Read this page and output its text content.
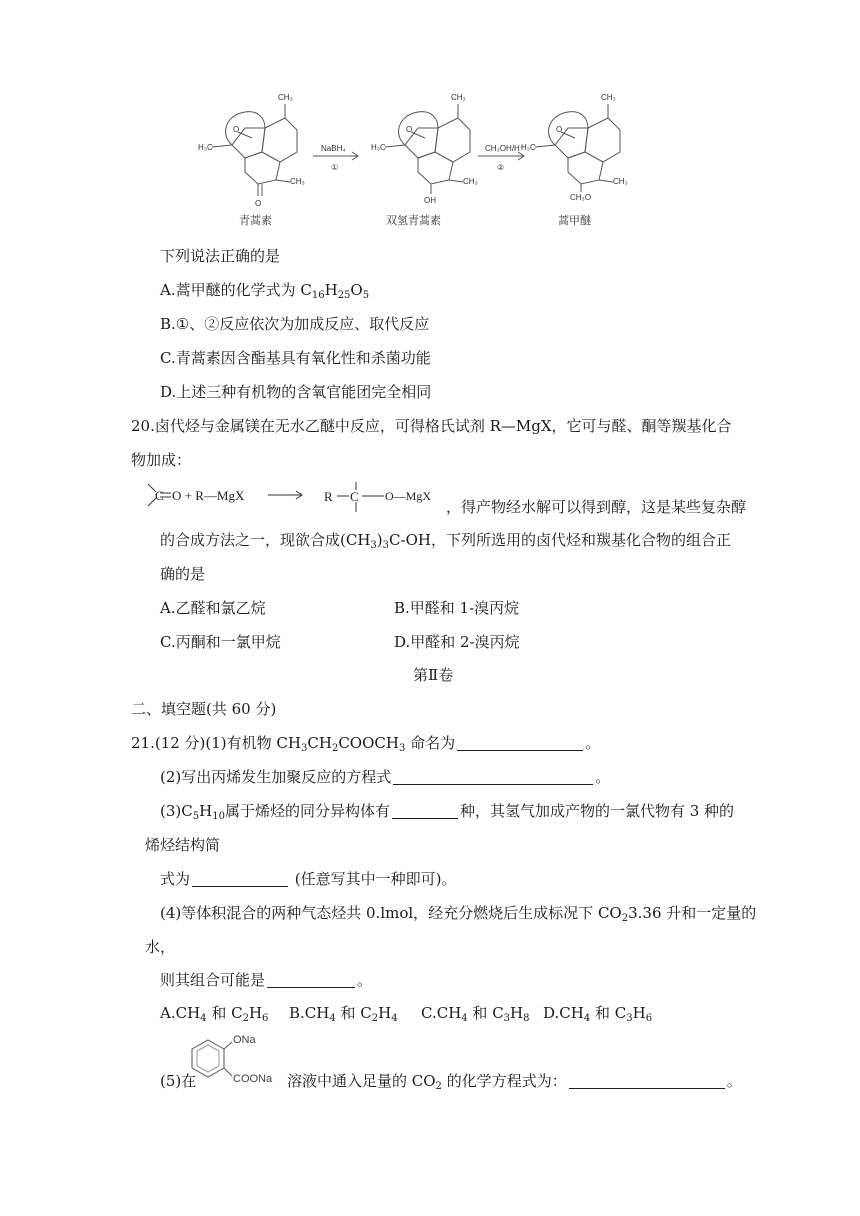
CH₃
H₃C
O
O
CH₃
CH₃
H₃C
O
OH
CH₃
CH₃
H₃C
O
CH₃O
CH₃
NaBH₄
①
CH₃OH/H⁺
②
青蒿素	双氢青蒿素	蒿甲醚
下列说法正确的是
A.蒿甲醚的化学式为 $C_{16}H_{25}O_5$
B.①、②反应依次为加成反应、取代反应
C.青蒿素因含酯基具有氧化性和杀菌功能
D.上述三种有机物的含氧官能团完全相同
20.卤代烃与金属镁在无水乙醚中反应，可得格氏试剂 R—MgX，它可与醛、酮等羰基化合
物加成：
C O + R—MgX	R C O—MgX
，得产物经水解可以得到醇，这是某些复杂醇
的合成方法之一，现欲合成$(CH_3)_3C-OH$，下列所选用的卤代烃和羰基化合物的组合正
确的是
A.乙醛和氯乙烷	B.甲醛和 1-溴丙烷
C.丙酮和一氯甲烷	D.甲醛和 2-溴丙烷
第Ⅱ卷
二、填空题(共 60 分)
21.(12 分)(1)有机物 $CH_3CH_2COOCH_3$ 命名为	。
(2)写出丙烯发生加聚反应的方程式	。
$(3)C_5H_{10}$属于烯烃的同分异构体有	种，其氢气加成产物的一氯代物有 3 种的
烯烃结构简
式为	(任意写其中一种即可)。
(4)等体积混合的两种气态烃共 0.lmol，经充分燃烧后生成标况下 $CO_23.36$ 升和一定量的
水，
则其组合可能是	。
$A.CH_4$ 和 $C_2H_6$ $B.CH_4$ 和 $C_2H_4$ $C.CH_4$ 和 $C_3H_8$ $D.CH_4$ 和 $C_3H_6$
ONa
COONa
(5)在	溶液中通入足量的 $CO_2$ 的化学方程式为：	。
